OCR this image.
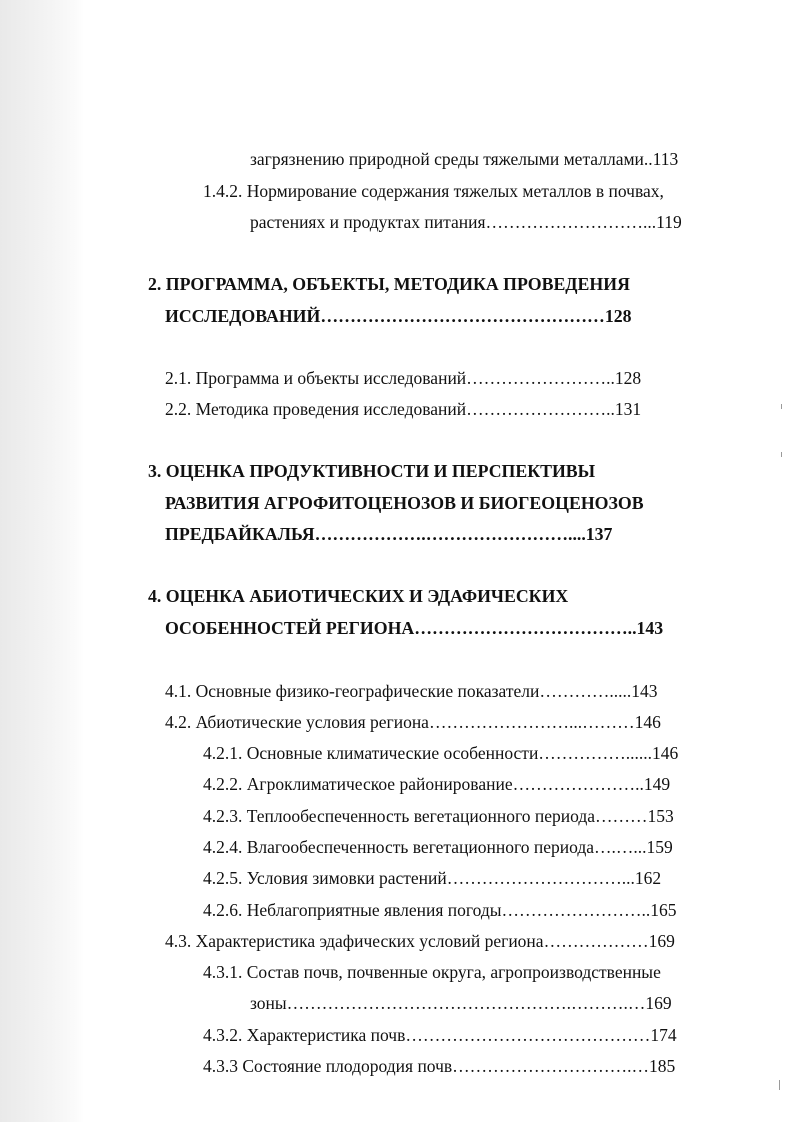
загрязнению природной среды тяжелыми металлами..113
1.4.2. Нормирование содержания тяжелых металлов в почвах,
растениях и продуктах питания………………………...119
2. ПРОГРАММА, ОБЪЕКТЫ, МЕТОДИКА ПРОВЕДЕНИЯ
ИССЛЕДОВАНИЙ…………………………………………128
2.1. Программа и объекты исследований……………………..128
2.2. Методика проведения исследований……………………..131
3. ОЦЕНКА ПРОДУКТИВНОСТИ И ПЕРСПЕКТИВЫ
РАЗВИТИЯ АГРОФИТОЦЕНОЗОВ И БИОГЕОЦЕНОЗОВ
ПРЕДБАЙКАЛЬЯ……………….……………………....137
4. ОЦЕНКА АБИОТИЧЕСКИХ И ЭДАФИЧЕСКИХ
ОСОБЕННОСТЕЙ РЕГИОНА………………………………..143
4.1. Основные физико-географические показатели………….....143
4.2. Абиотические условия региона……………………...………146
4.2.1. Основные климатические особенности……………......146
4.2.2. Агроклиматическое районирование…………………..149
4.2.3. Теплообеспеченность вегетационного периода………153
4.2.4. Влагообеспеченность вегетационного периода….…...159
4.2.5. Условия зимовки растений…………………………...162
4.2.6. Неблагоприятные явления погоды……………………..165
4.3. Характеристика эдафических условий региона………………169
4.3.1. Состав почв, почвенные округа, агропроизводственные
зоны………………………………………….……….…169
4.3.2. Характеристика почв……………………………………174
4.3.3 Состояние плодородия почв………………………….…185
